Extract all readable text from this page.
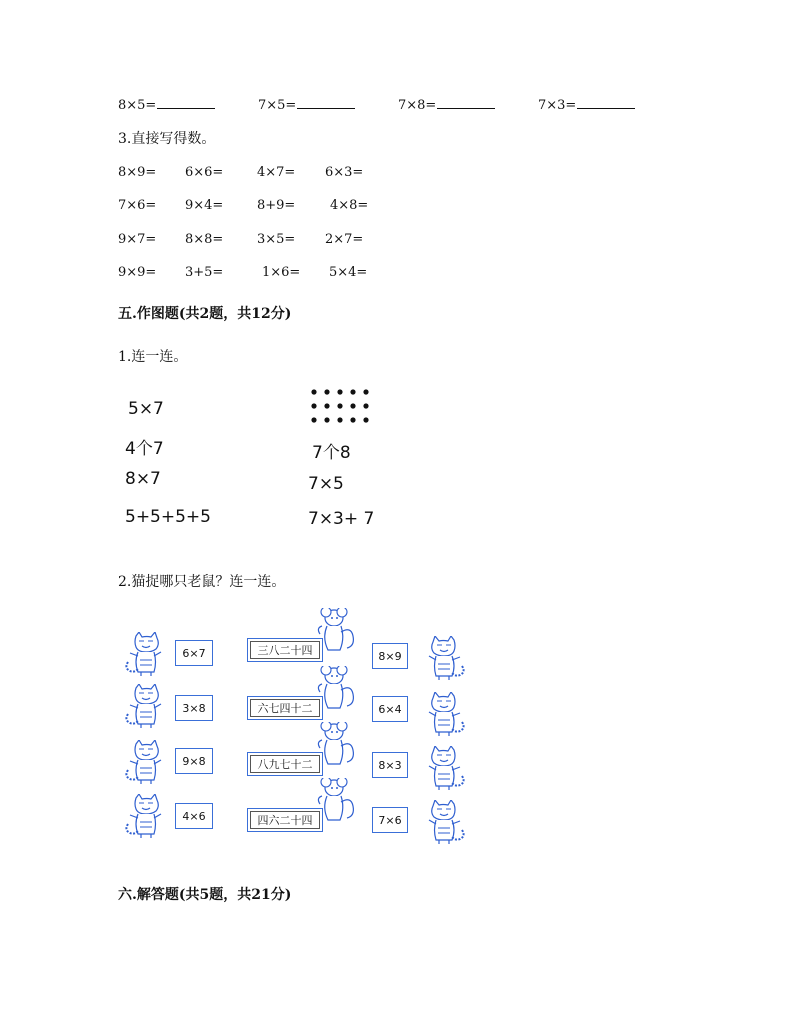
8×5=	7×5=	7×8=	7×3=
3.直接写得数。
8×9= 6×6=	4×7= 6×3=
7×6= 9×4=	8+9=	4×8=
9×7= 8×8=	3×5= 2×7=
9×9= 3+5=	1×6= 5×4=
五.作图题(共2题，共12分)
1.连一连。
5×7
4个7
8×7
5+5+5+5
7个8
7×5
7×3+ 7
2.猫捉哪只老鼠？连一连。
6×7	三八二十四	8×9
3×8	六七四十二	6×4
9×8	八九七十二	8×3
4×6	四六二十四	7×6
六.解答题(共5题，共21分)
